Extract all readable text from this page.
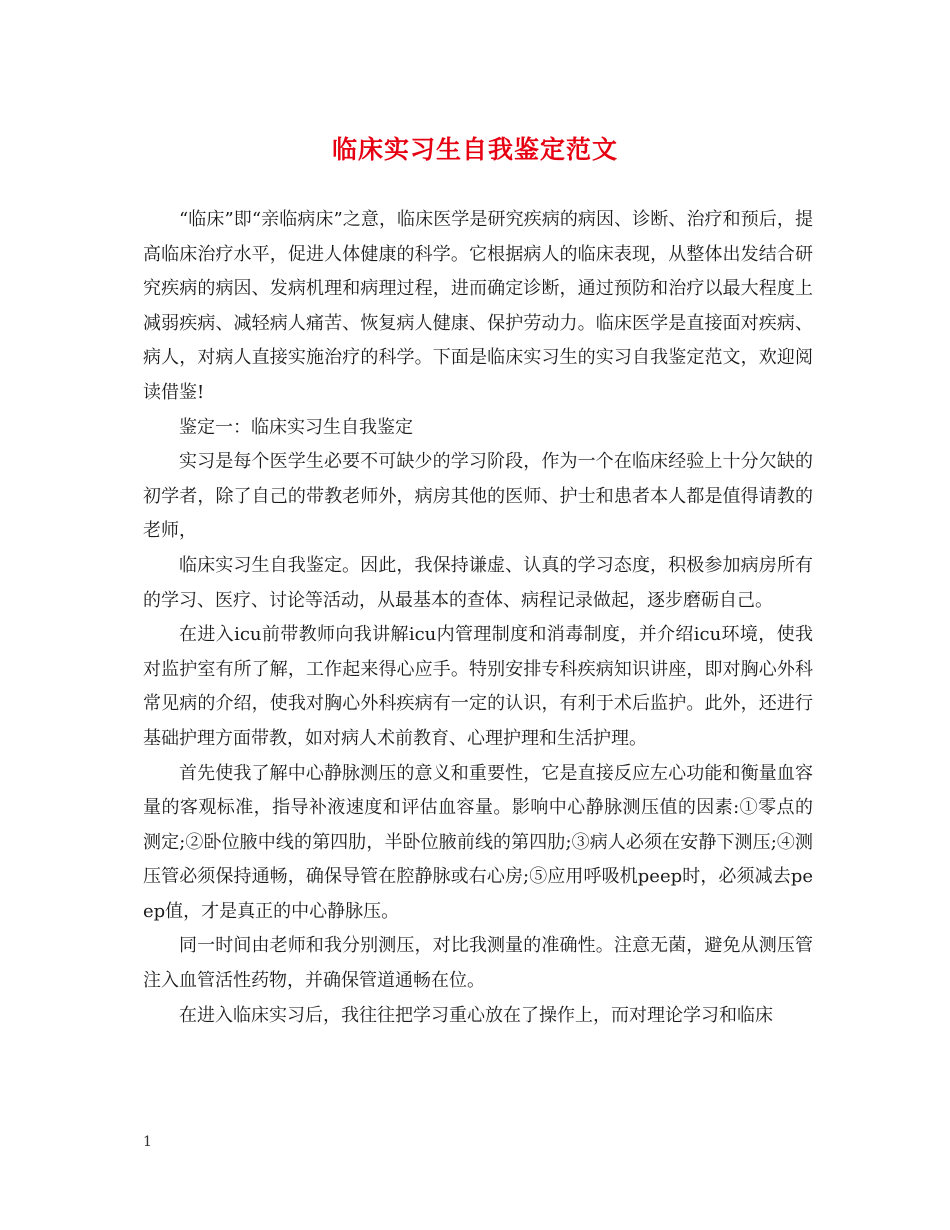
临床实习生自我鉴定范文

“临床”即“亲临病床”之意，临床医学是研究疾病的病因、诊断、治疗和预后，提高临床治疗水平，促进人体健康的科学。它根据病人的临床表现，从整体出发结合研究疾病的病因、发病机理和病理过程，进而确定诊断，通过预防和治疗以最大程度上减弱疾病、减轻病人痛苦、恢复病人健康、保护劳动力。临床医学是直接面对疾病、病人，对病人直接实施治疗的科学。下面是临床实习生的实习自我鉴定范文，欢迎阅读借鉴!

鉴定一：临床实习生自我鉴定

实习是每个医学生必要不可缺少的学习阶段，作为一个在临床经验上十分欠缺的初学者，除了自己的带教老师外，病房其他的医师、护士和患者本人都是值得请教的老师，

临床实习生自我鉴定。因此，我保持谦虚、认真的学习态度，积极参加病房所有的学习、医疗、讨论等活动，从最基本的查体、病程记录做起，逐步磨砺自己。

在进入icu前带教师向我讲解icu内管理制度和消毒制度，并介绍icu环境，使我对监护室有所了解，工作起来得心应手。特别安排专科疾病知识讲座，即对胸心外科常见病的介绍，使我对胸心外科疾病有一定的认识，有利于术后监护。此外，还进行基础护理方面带教，如对病人术前教育、心理护理和生活护理。

首先使我了解中心静脉测压的意义和重要性，它是直接反应左心功能和衡量血容量的客观标准，指导补液速度和评估血容量。影响中心静脉测压值的因素:①零点的测定;②卧位腋中线的第四肋，半卧位腋前线的第四肋;③病人必须在安静下测压;④测压管必须保持通畅，确保导管在腔静脉或右心房;⑤应用呼吸机peep时，必须减去peep值，才是真正的中心静脉压。

同一时间由老师和我分别测压，对比我测量的准确性。注意无菌，避免从测压管注入血管活性药物，并确保管道通畅在位。

在进入临床实习后，我往往把学习重心放在了操作上，而对理论学习和临床

1
